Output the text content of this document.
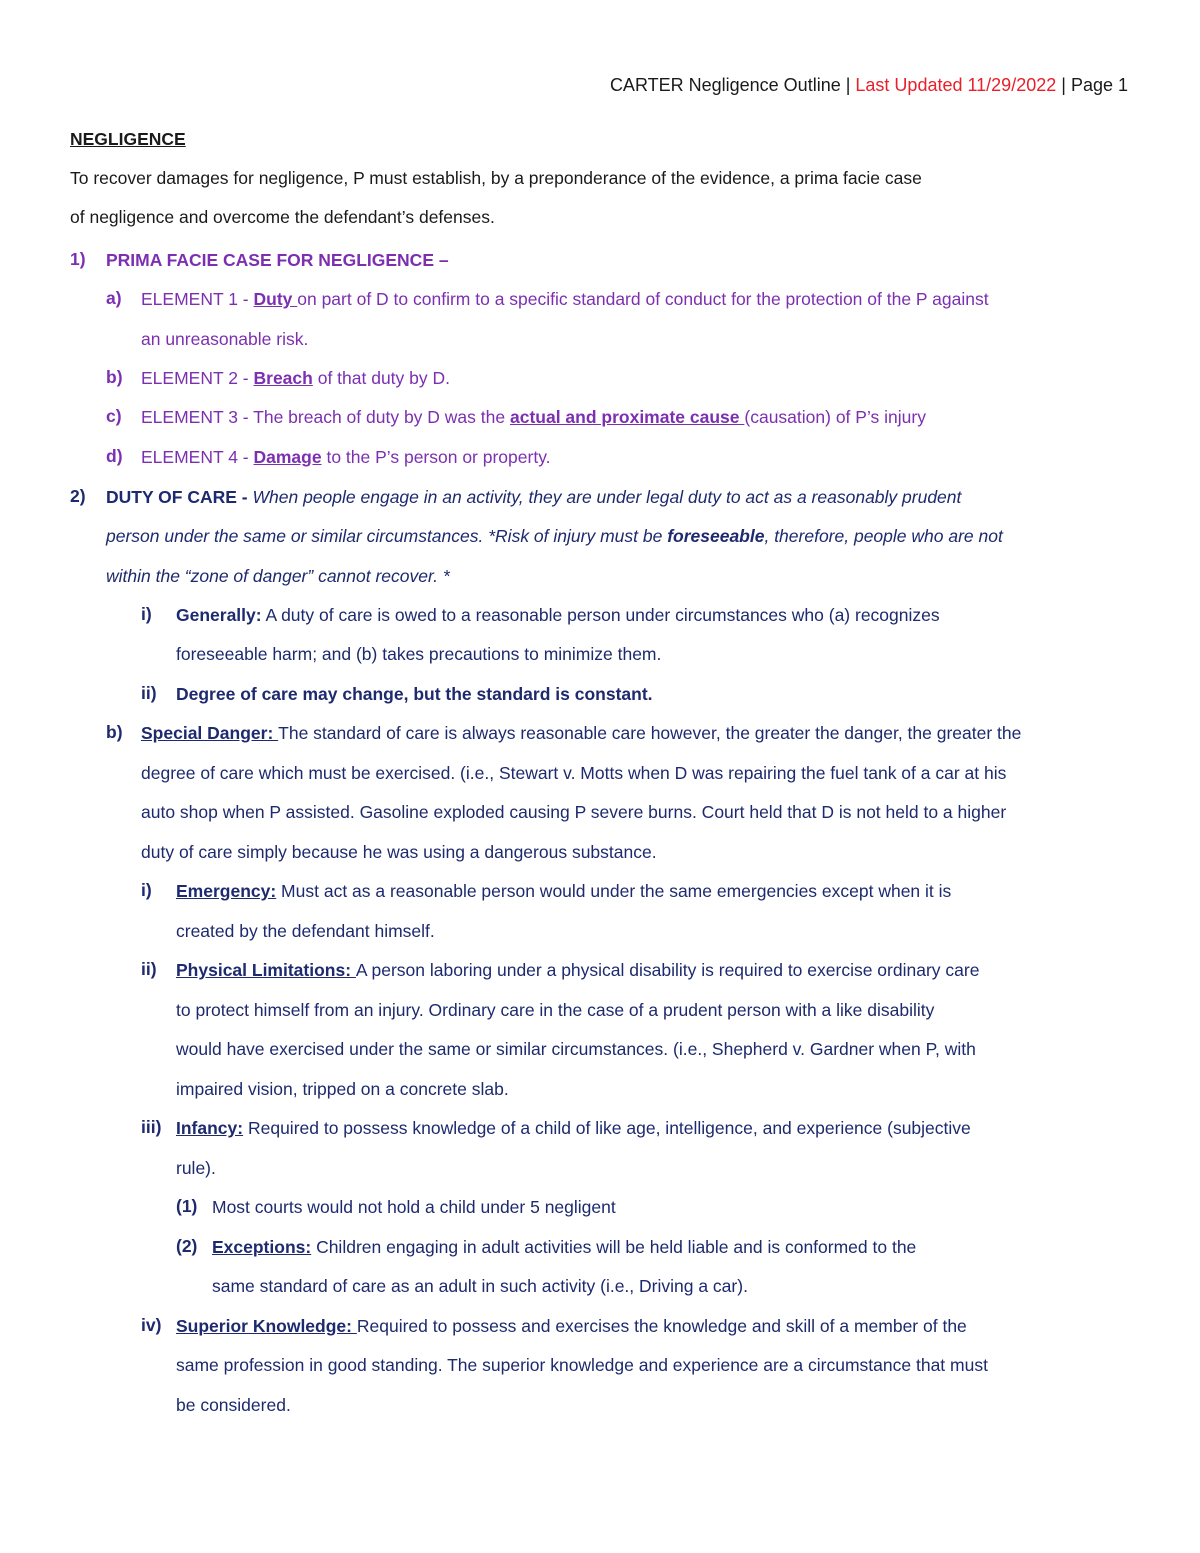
CARTER Negligence Outline | Last Updated 11/29/2022 | Page 1
NEGLIGENCE
To recover damages for negligence, P must establish, by a preponderance of the evidence, a prima facie case
of negligence and overcome the defendant’s defenses.
1) PRIMA FACIE CASE FOR NEGLIGENCE –
a) ELEMENT 1 - Duty on part of D to confirm to a specific standard of conduct for the protection of the P against
an unreasonable risk.
b) ELEMENT 2 - Breach of that duty by D.
c) ELEMENT 3 - The breach of duty by D was the actual and proximate cause (causation) of P’s injury
d) ELEMENT 4 - Damage to the P’s person or property.
2) DUTY OF CARE - When people engage in an activity, they are under legal duty to act as a reasonably prudent
person under the same or similar circumstances. *Risk of injury must be foreseeable, therefore, people who are not
within the “zone of danger” cannot recover. *
i) Generally: A duty of care is owed to a reasonable person under circumstances who (a) recognizes
foreseeable harm; and (b) takes precautions to minimize them.
ii) Degree of care may change, but the standard is constant.
b) Special Danger: The standard of care is always reasonable care however, the greater the danger, the greater the
degree of care which must be exercised. (i.e., Stewart v. Motts when D was repairing the fuel tank of a car at his
auto shop when P assisted. Gasoline exploded causing P severe burns. Court held that D is not held to a higher
duty of care simply because he was using a dangerous substance.
i) Emergency: Must act as a reasonable person would under the same emergencies except when it is
created by the defendant himself.
ii) Physical Limitations: A person laboring under a physical disability is required to exercise ordinary care
to protect himself from an injury. Ordinary care in the case of a prudent person with a like disability
would have exercised under the same or similar circumstances. (i.e., Shepherd v. Gardner when P, with
impaired vision, tripped on a concrete slab.
iii) Infancy: Required to possess knowledge of a child of like age, intelligence, and experience (subjective
rule).
(1) Most courts would not hold a child under 5 negligent
(2) Exceptions: Children engaging in adult activities will be held liable and is conformed to the
same standard of care as an adult in such activity (i.e., Driving a car).
iv) Superior Knowledge: Required to possess and exercises the knowledge and skill of a member of the
same profession in good standing. The superior knowledge and experience are a circumstance that must
be considered.
